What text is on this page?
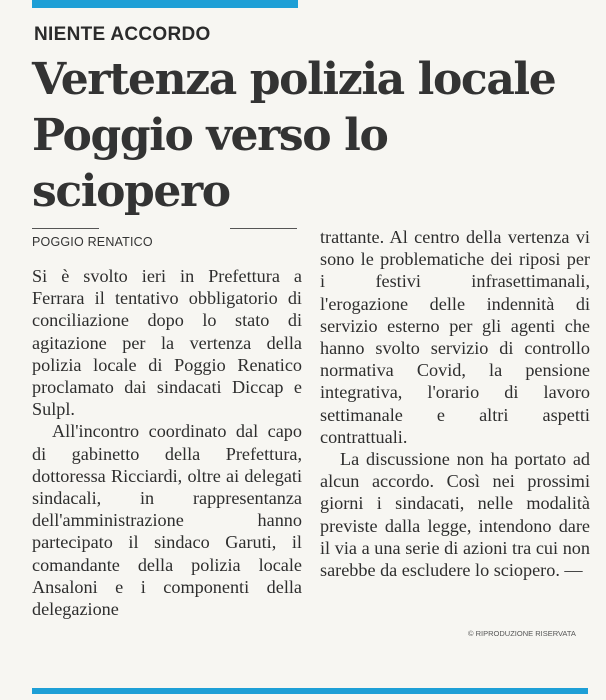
NIENTE ACCORDO
Vertenza polizia locale
Poggio verso lo sciopero
POGGIO RENATICO

Si è svolto ieri in Prefettura a Ferrara il tentativo obbligatorio di conciliazione dopo lo stato di agitazione per la vertenza della polizia locale di Poggio Renatico proclamato dai sindacati Diccap e Sulpl.

All'incontro coordinato dal capo di gabinetto della Prefettura, dottoressa Ricciardi, oltre ai delegati sindacali, in rappresentanza dell'amministrazione hanno partecipato il sindaco Garuti, il comandante della polizia locale Ansaloni e i componenti della delegazione

trattante. Al centro della vertenza vi sono le problematiche dei riposi per i festivi infrasettimanali, l'erogazione delle indennità di servizio esterno per gli agenti che hanno svolto servizio di controllo normativa Covid, la pensione integrativa, l'orario di lavoro settimanale e altri aspetti contrattuali.

La discussione non ha portato ad alcun accordo. Così nei prossimi giorni i sindacati, nelle modalità previste dalla legge, intendono dare il via a una serie di azioni tra cui non sarebbe da escludere lo sciopero. —

© RIPRODUZIONE RISERVATA
